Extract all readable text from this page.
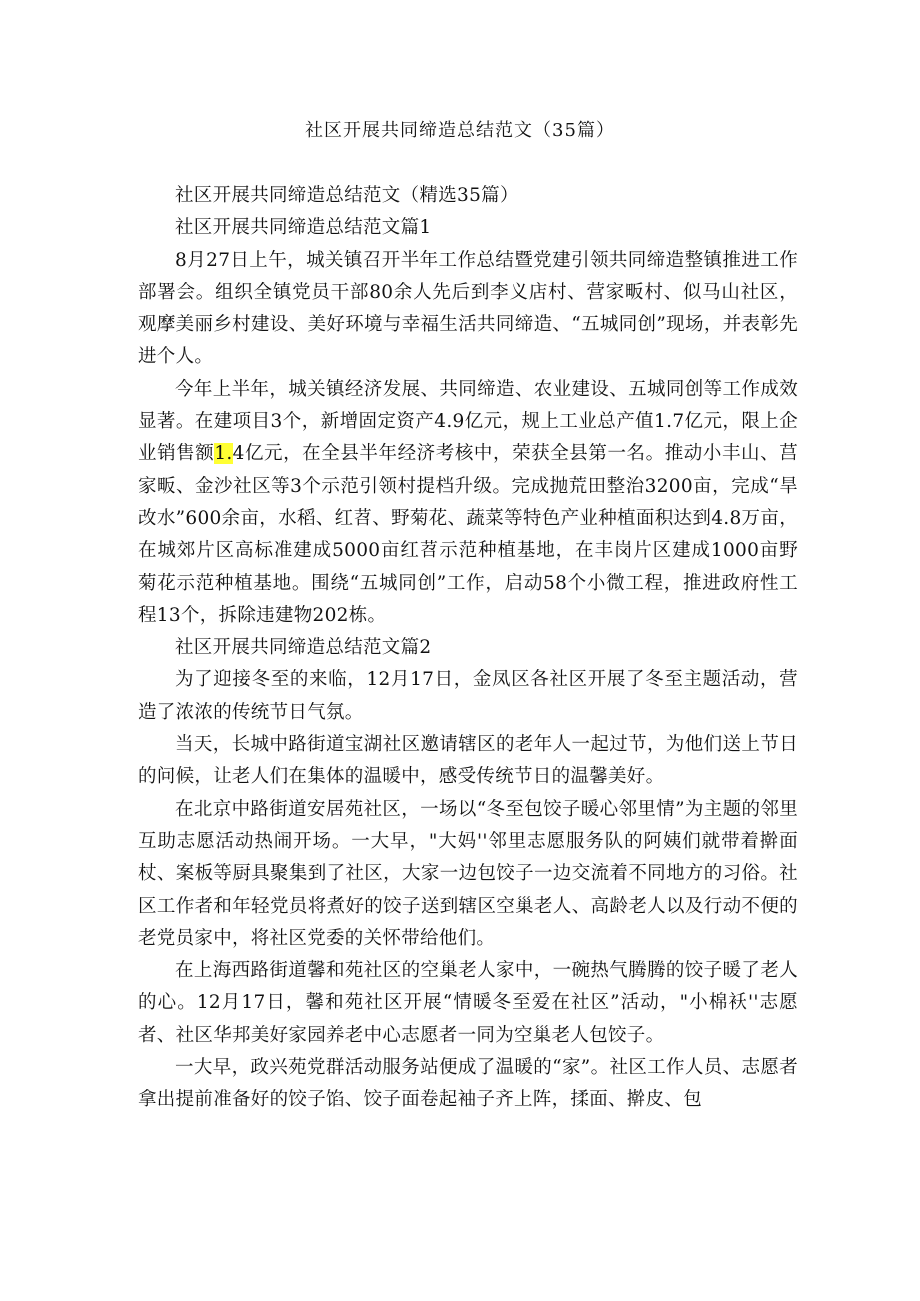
社区开展共同缔造总结范文（35篇）

社区开展共同缔造总结范文（精选35篇）

社区开展共同缔造总结范文篇1

8月27日上午，城关镇召开半年工作总结暨党建引领共同缔造整镇推进工作部署会。组织全镇党员干部80余人先后到李义店村、营家畈村、似马山社区，观摩美丽乡村建设、美好环境与幸福生活共同缔造、“五城同创”现场，并表彰先进个人。

今年上半年，城关镇经济发展、共同缔造、农业建设、五城同创等工作成效显著。在建项目3个，新增固定资产4.9亿元，规上工业总产值1.7亿元，限上企业销售额1.4亿元，在全县半年经济考核中，荣获全县第一名。推动小丰山、莒家畈、金沙社区等3个示范引领村提档升级。完成抛荒田整治3200亩，完成“旱改水”600余亩，水稻、红苕、野菊花、蔬菜等特色产业种植面积达到4.8万亩，在城郊片区高标准建成5000亩红苕示范种植基地，在丰岗片区建成1000亩野菊花示范种植基地。围绕“五城同创”工作，启动58个小微工程，推进政府性工程13个，拆除违建物202栋。

社区开展共同缔造总结范文篇2

为了迎接冬至的来临，12月17日，金凤区各社区开展了冬至主题活动，营造了浓浓的传统节日气氛。

当天，长城中路街道宝湖社区邀请辖区的老年人一起过节，为他们送上节日的问候，让老人们在集体的温暖中，感受传统节日的温馨美好。

在北京中路街道安居苑社区，一场以“冬至包饺子暖心邻里情”为主题的邻里互助志愿活动热闹开场。一大早，"大妈''邻里志愿服务队的阿姨们就带着擀面杖、案板等厨具聚集到了社区，大家一边包饺子一边交流着不同地方的习俗。社区工作者和年轻党员将煮好的饺子送到辖区空巢老人、高龄老人以及行动不便的老党员家中，将社区党委的关怀带给他们。

在上海西路街道馨和苑社区的空巢老人家中，一碗热气腾腾的饺子暖了老人的心。12月17日，馨和苑社区开展“情暖冬至爱在社区”活动，"小棉袄''志愿者、社区华邦美好家园养老中心志愿者一同为空巢老人包饺子。

一大早，政兴苑党群活动服务站便成了温暖的“家”。社区工作人员、志愿者拿出提前准备好的饺子馅、饺子面卷起袖子齐上阵，揉面、擀皮、包
